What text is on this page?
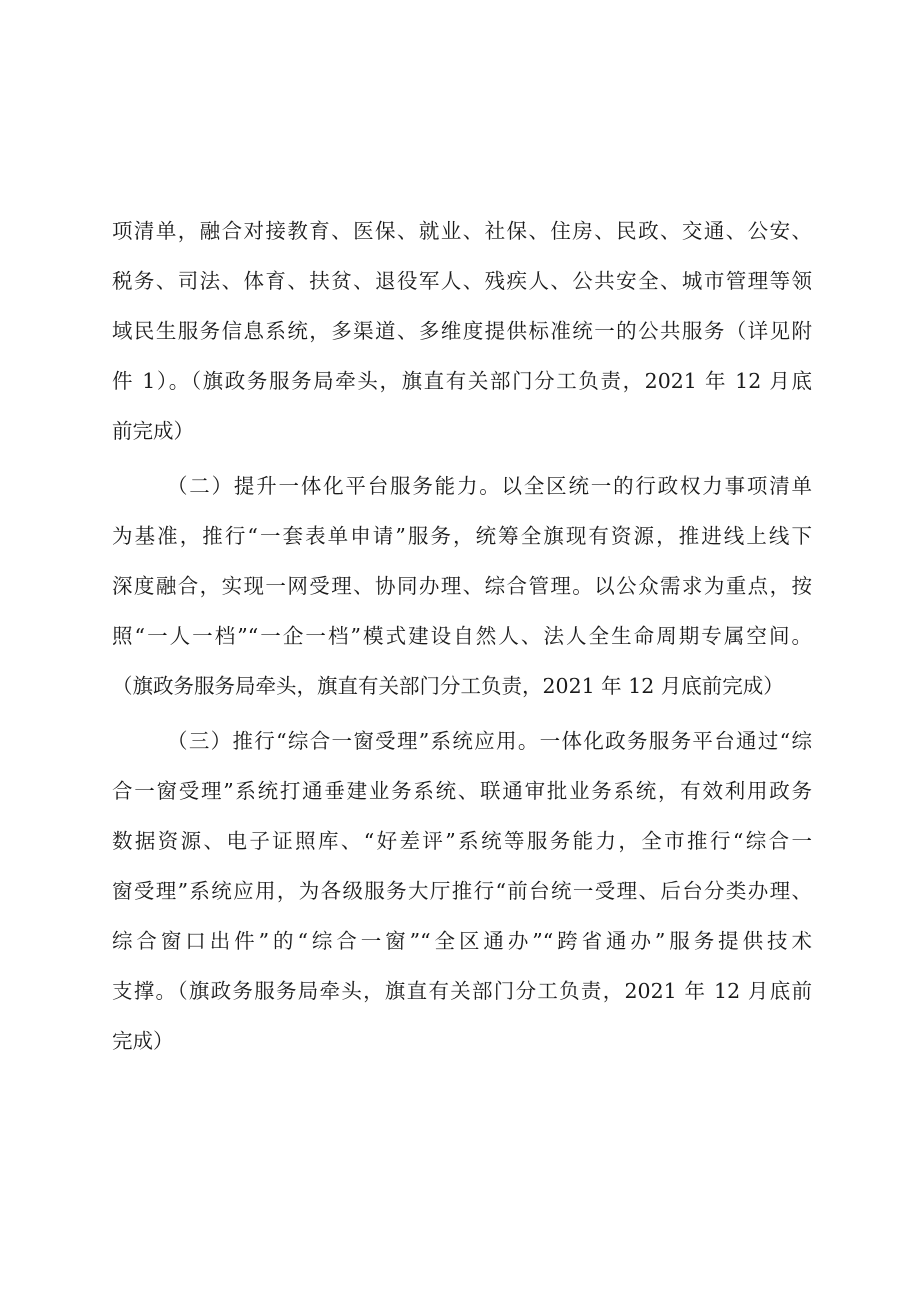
项清单，融合对接教育、医保、就业、社保、住房、民政、交通、公安、
税务、司法、体育、扶贫、退役军人、残疾人、公共安全、城市管理等领
域民生服务信息系统，多渠道、多维度提供标准统一的公共服务（详见附
件 1）。（旗政务服务局牵头，旗直有关部门分工负责，2021 年 12 月底
前完成）
（二）提升一体化平台服务能力。以全区统一的行政权力事项清单
为基准，推行“一套表单申请”服务，统筹全旗现有资源，推进线上线下
深度融合，实现一网受理、协同办理、综合管理。以公众需求为重点，按
照“一人一档”“一企一档”模式建设自然人、法人全生命周期专属空间。
（旗政务服务局牵头，旗直有关部门分工负责，2021 年 12 月底前完成）
（三）推行“综合一窗受理”系统应用。一体化政务服务平台通过“综
合一窗受理”系统打通垂建业务系统、联通审批业务系统，有效利用政务
数据资源、电子证照库、“好差评”系统等服务能力，全市推行“综合一
窗受理”系统应用，为各级服务大厅推行“前台统一受理、后台分类办理、
综合窗口出件”的“综合一窗”“全区通办”“跨省通办”服务提供技术
支撑。（旗政务服务局牵头，旗直有关部门分工负责，2021 年 12 月底前
完成）
